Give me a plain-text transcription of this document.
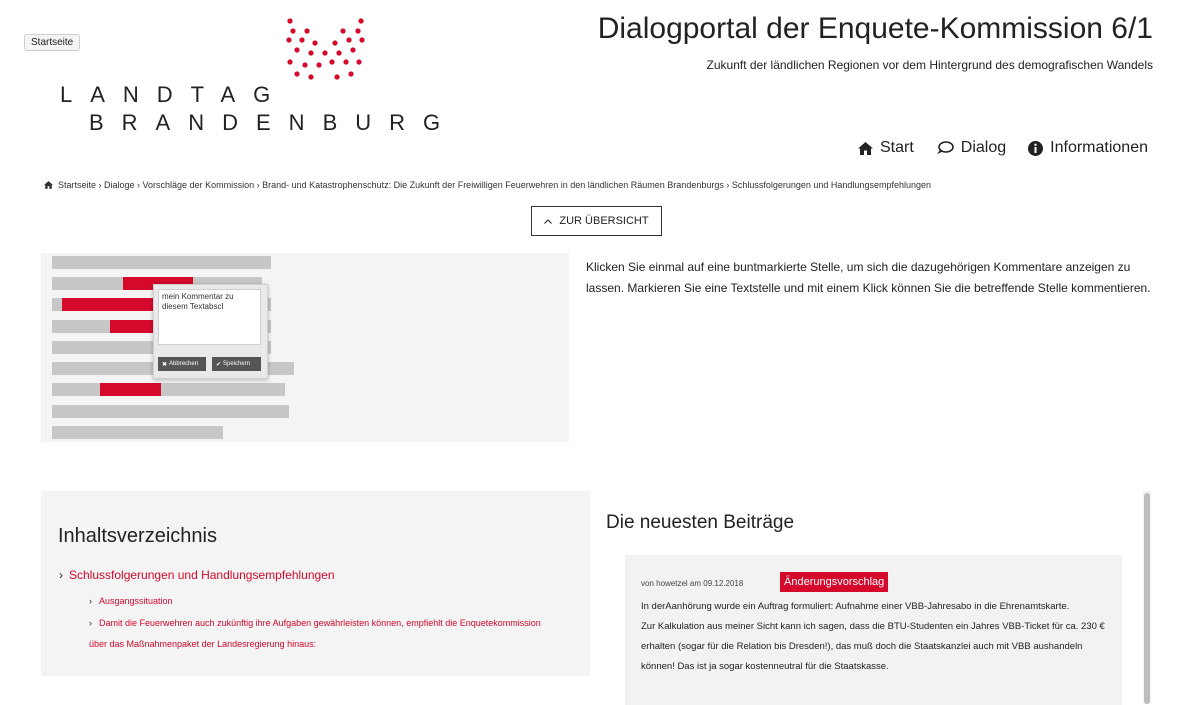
Startseite
LANDTAG
BRANDENBURG
Dialogportal der Enquete-Kommission 6/1
Zukunft der ländlichen Regionen vor dem Hintergrund des demografischen Wandels
Start	Dialog	Informationen
Startseite › Dialoge › Vorschläge der Kommission › Brand- und Katastrophenschutz: Die Zukunft der Freiwilligen Feuerwehren in den ländlichen Räumen Brandenburgs › Schlussfolgerungen und Handlungsempfehlungen
ZUR ÜBERSICHT
mein Kommentar zu diesem Textabscl
✖ Abbrechen	✔ Speichern

Klicken Sie einmal auf eine buntmarkierte Stelle, um sich die dazugehörigen Kommentare anzeigen zu lassen. Markieren Sie eine Textstelle und mit einem Klick können Sie die betreffende Stelle kommentieren.

Inhaltsverzeichnis
› Schlussfolgerungen und Handlungsempfehlungen
› Ausgangssituation
› Damit die Feuerwehren auch zukünftig ihre Aufgaben gewährleisten können, empfiehlt die Enquetekommission über das Maßnahmenpaket der Landesregierung hinaus:
Die neuesten Beiträge
von howetzel am 09.12.2018	Änderungsvorschlag

In derAanhörung wurde ein Auftrag formuliert: Aufnahme einer VBB-Jahresabo in die Ehrenamtskarte.

Zur Kalkulation aus meiner Sicht kann ich sagen, dass die BTU-Studenten ein Jahres VBB-Ticket für ca. 230 € erhalten (sogar für die Relation bis Dresden!), das muß doch die Staatskanzlei auch mit VBB aushandeln können! Das ist ja sogar kostenneutral für die Staatskasse.
